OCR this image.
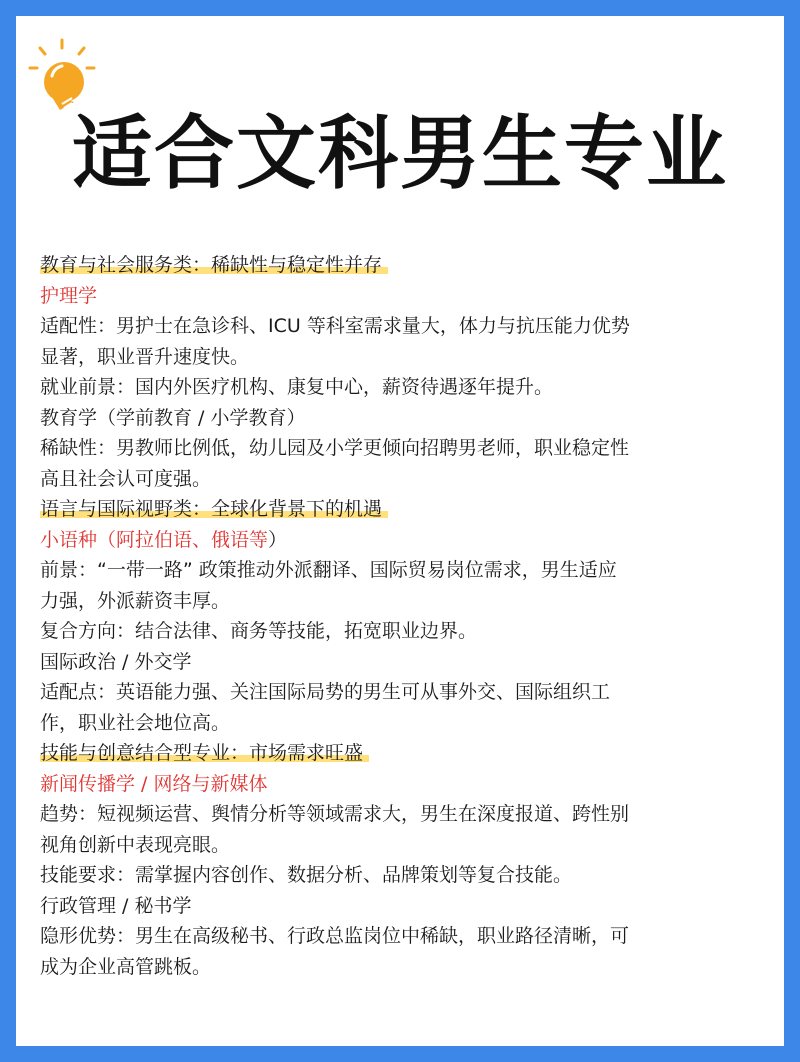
适合文科男生专业
教育与社会服务类：稀缺性与稳定性并存
护理学
适配性：男护士在急诊科、ICU 等科室需求量大，体力与抗压能力优势
显著，职业晋升速度快。
就业前景：国内外医疗机构、康复中心，薪资待遇逐年提升。
教育学（学前教育 / 小学教育）
稀缺性：男教师比例低，幼儿园及小学更倾向招聘男老师，职业稳定性
高且社会认可度强。
语言与国际视野类：全球化背景下的机遇
小语种（阿拉伯语、俄语等）
前景：“一带一路” 政策推动外派翻译、国际贸易岗位需求，男生适应
力强，外派薪资丰厚。
复合方向：结合法律、商务等技能，拓宽职业边界。
国际政治 / 外交学
适配点：英语能力强、关注国际局势的男生可从事外交、国际组织工
作，职业社会地位高。
技能与创意结合型专业：市场需求旺盛
新闻传播学 / 网络与新媒体
趋势：短视频运营、舆情分析等领域需求大，男生在深度报道、跨性别
视角创新中表现亮眼。
技能要求：需掌握内容创作、数据分析、品牌策划等复合技能。
行政管理 / 秘书学
隐形优势：男生在高级秘书、行政总监岗位中稀缺，职业路径清晰，可
成为企业高管跳板。
